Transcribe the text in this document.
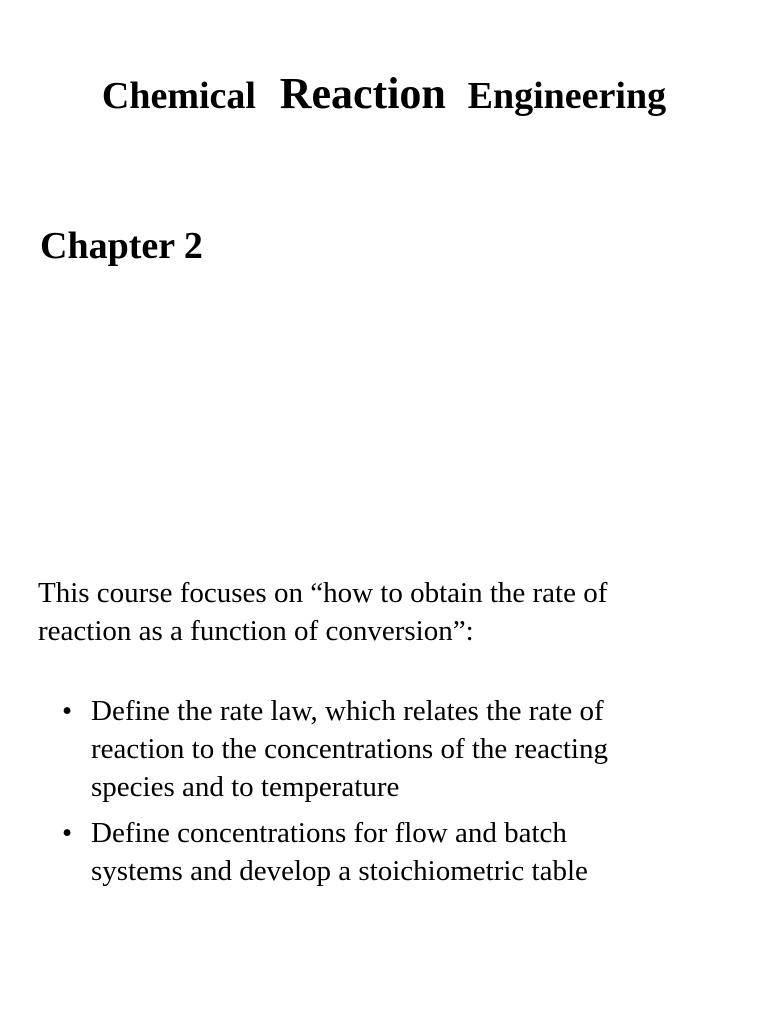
Chemical Reaction Engineering
Chapter 2
This course focuses on “how to obtain the rate of
reaction as a function of conversion”:
• Define the rate law, which relates the rate of
reaction to the concentrations of the reacting
species and to temperature
• Define concentrations for flow and batch
systems and develop a stoichiometric table
